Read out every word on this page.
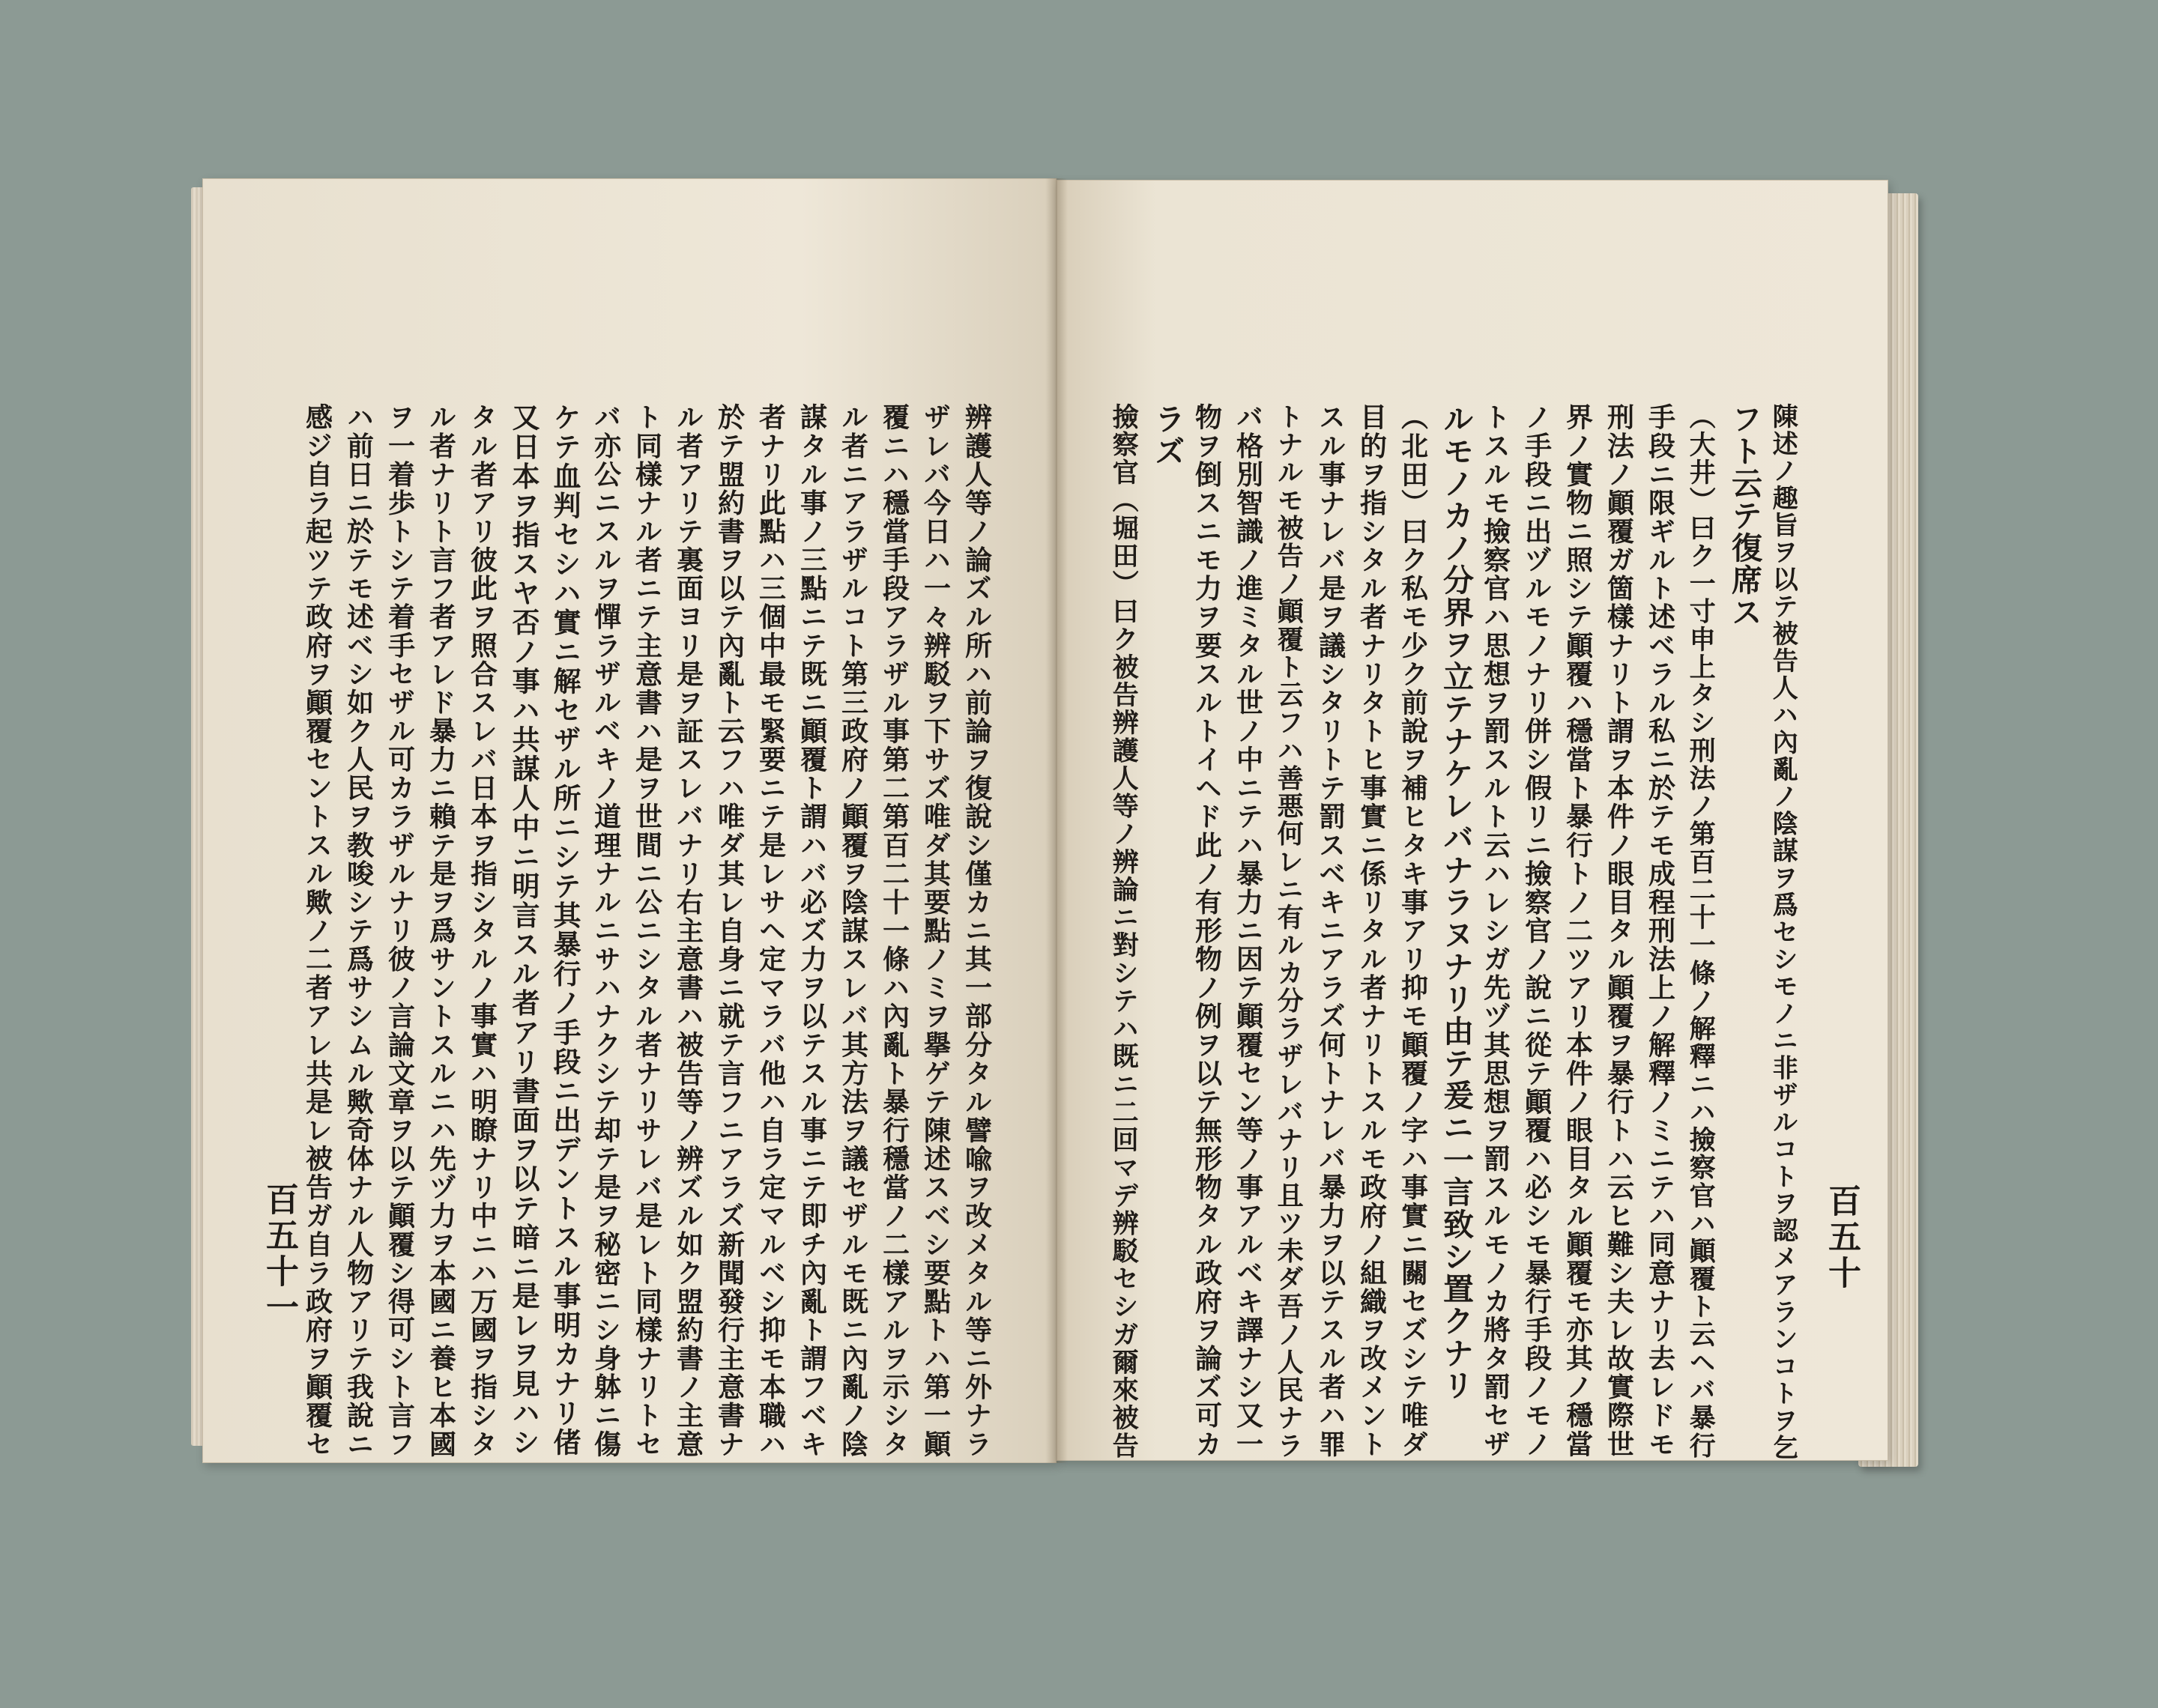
百五十一	百五十
辨護人等ノ論ズル所ハ前論ヲ復說シ僅カニ其一部分タル譬喩ヲ改メタル等ニ外ナラ
ザレバ今日ハ一々辨駁ヲ下サズ唯ダ其要點ノミヲ擧ゲテ陳述スベシ要點トハ第一顚
覆ニハ穩當手段アラザル事第二第百二十一條ハ內亂ト暴行穩當ノ二樣アルヲ示シタ
ル者ニアラザルコト第三政府ノ顚覆ヲ陰謀スレバ其方法ヲ議セザルモ既ニ內亂ノ陰
謀タル事ノ三點ニテ既ニ顚覆ト謂ハバ必ズ力ヲ以テスル事ニテ即チ內亂ト謂フベキ
者ナリ此點ハ三個中最モ緊要ニテ是レサヘ定マラバ他ハ自ラ定マルベシ抑モ本職ハ
於テ盟約書ヲ以テ內亂ト云フハ唯ダ其レ自身ニ就テ言フニアラズ新聞發行主意書ナ
ル者アリテ裏面ヨリ是ヲ証スレバナリ右主意書ハ被告等ノ辨ズル如ク盟約書ノ主意
ト同樣ナル者ニテ主意書ハ是ヲ世間ニ公ニシタル者ナリサレバ是レト同樣ナリトセ
バ亦公ニスルヲ憚ラザルベキノ道理ナルニサハナクシテ却テ是ヲ秘密ニシ身躰ニ傷
ケテ血判セシハ實ニ解セザル所ニシテ其暴行ノ手段ニ出デントスル事明カナリ偖
又日本ヲ指スヤ否ノ事ハ共謀人中ニ明言スル者アリ書面ヲ以テ暗ニ是レヲ見ハシ
タル者アリ彼此ヲ照合スレバ日本ヲ指シタルノ事實ハ明瞭ナリ中ニハ万國ヲ指シタ
ル者ナリト言フ者アレド暴力ニ賴テ是ヲ爲サントスルニハ先ヅ力ヲ本國ニ養ヒ本國
ヲ一着歩トシテ着手セザル可カラザルナリ彼ノ言論文章ヲ以テ顚覆シ得可シト言フ
ハ前日ニ於テモ述ベシ如ク人民ヲ教唆シテ爲サシムル歟奇体ナル人物アリテ我說ニ
感ジ自ラ起ツテ政府ヲ顚覆セントスル歟ノ二者アレ共是レ被告ガ自ラ政府ヲ顚覆セ	陳述ノ趣旨ヲ以テ被告人ハ內亂ノ陰謀ヲ爲セシモノニ非ザルコトヲ認メアランコトヲ乞
フト云テ復席ス
（大井）曰ク一寸申上タシ刑法ノ第百二十一條ノ解釋ニハ撿察官ハ顚覆ト云ヘバ暴行
手段ニ限ギルト述ベラル私ニ於テモ成程刑法上ノ解釋ノミニテハ同意ナリ去レドモ
刑法ノ顚覆ガ箇樣ナリト謂ヲ本件ノ眼目タル顚覆ヲ暴行トハ云ヒ難シ夫レ故實際世
界ノ實物ニ照シテ顚覆ハ穩當ト暴行トノ二ツアリ本件ノ眼目タル顚覆モ亦其ノ穩當
ノ手段ニ出ヅルモノナリ併シ假リニ撿察官ノ說ニ從テ顚覆ハ必シモ暴行手段ノモノ
トスルモ撿察官ハ思想ヲ罰スルト云ハレシガ先ヅ其思想ヲ罰スルモノカ將タ罰セザ
ルモノカノ分界ヲ立テナケレバナラヌナリ由テ爰ニ一言致シ置クナリ
（北田）曰ク私モ少ク前說ヲ補ヒタキ事アリ抑モ顚覆ノ字ハ事實ニ關セズシテ唯ダ
目的ヲ指シタル者ナリタトヒ事實ニ係リタル者ナリトスルモ政府ノ組織ヲ改メント
スル事ナレバ是ヲ議シタリトテ罰スベキニアラズ何トナレバ暴力ヲ以テスル者ハ罪
トナルモ被告ノ顚覆ト云フハ善悪何レニ有ルカ分ラザレバナリ且ツ未ダ吾ノ人民ナラ
バ格別智識ノ進ミタル世ノ中ニテハ暴力ニ因テ顚覆セン等ノ事アルベキ譯ナシ又一
物ヲ倒スニモ力ヲ要スルトイヘド此ノ有形物ノ例ヲ以テ無形物タル政府ヲ論ズ可カ
ラズ
撿察官（堀田）曰ク被告辨護人等ノ辨論ニ對シテハ既ニ二回マデ辨駁セシガ爾來被告
